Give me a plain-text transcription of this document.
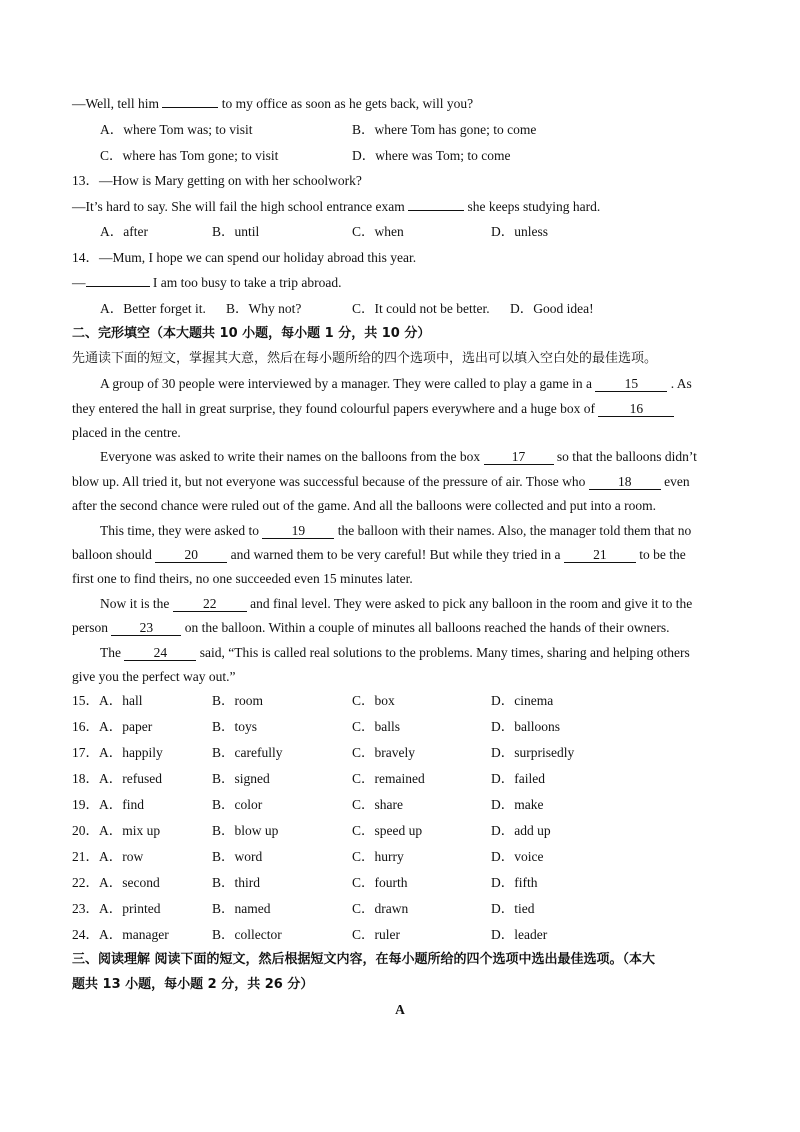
—Well, tell him	to my office as soon as he gets back, will you?
A．where Tom was; to visit	B．where Tom has gone; to come
C．where has Tom gone; to visit	D．where was Tom; to come
13．—How is Mary getting on with her schoolwork?
—It’s hard to say. She will fail the high school entrance exam	she keeps studying hard.
A．after	B．until	C．when	D．unless
14．—Mum, I hope we can spend our holiday abroad this year.
—	I am too busy to take a trip abroad.
A．Better forget it. B．Why not?	C．It could not be better. D．Good idea!
二、完形填空（本大题共 10 小题，每小题 1 分，共 10 分）
先通读下面的短文，掌握其大意，然后在每小题所给的四个选项中，选出可以填入空白处的最佳选项。
A group of 30 people were interviewed by a manager. They were called to play a game in a 15 . As
they entered the hall in great surprise, they found colourful papers everywhere and a huge box of 16
placed in the centre.
Everyone was asked to write their names on the balloons from the box 17 so that the balloons didn’t
blow up. All tried it, but not everyone was successful because of the pressure of air. Those who 18 even
after the second chance were ruled out of the game. And all the balloons were collected and put into a room.
This time, they were asked to 19 the balloon with their names. Also, the manager told them that no
balloon should 20 and warned them to be very careful! But while they tried in a 21 to be the
first one to find theirs, no one succeeded even 15 minutes later.
Now it is the 22 and final level. They were asked to pick any balloon in the room and give it to the
person 23 on the balloon. Within a couple of minutes all balloons reached the hands of their owners.
The 24 said, “This is called real solutions to the problems. Many times, sharing and helping others
give you the perfect way out.”
15．A．hall	B．room	C．box	D．cinema
16．A．paper	B．toys	C．balls	D．balloons
17．A．happily	B．carefully	C．bravely	D．surprisedly
18．A．refused	B．signed	C．remained	D．failed
19．A．find	B．color	C．share	D．make
20．A．mix up	B．blow up	C．speed up	D．add up
21．A．row	B．word	C．hurry	D．voice
22．A．second	B．third	C．fourth	D．fifth
23．A．printed	B．named	C．drawn	D．tied
24．A．manager	B．collector	C．ruler	D．leader
三、阅读理解 阅读下面的短文，然后根据短文内容，在每小题所给的四个选项中选出最佳选项。（本大
题共 13 小题，每小题 2 分，共 26 分）
A
